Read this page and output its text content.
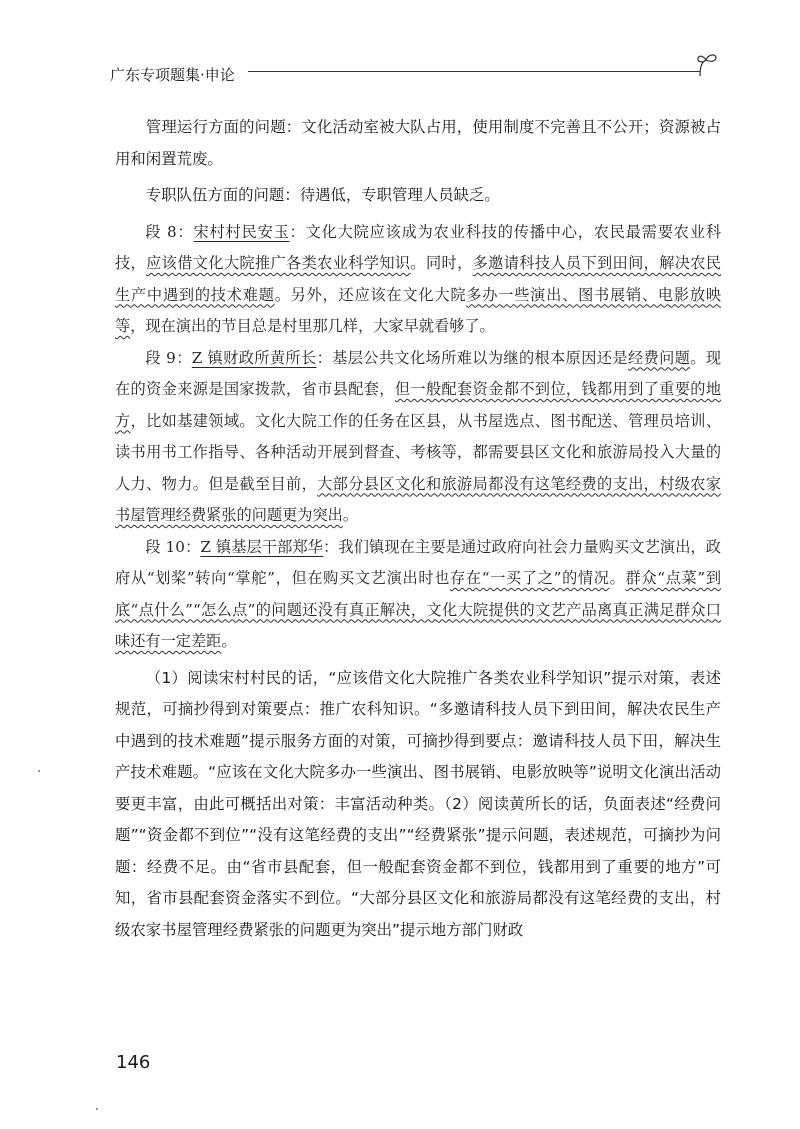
广东专项题集·申论

管理运行方面的问题：文化活动室被大队占用，使用制度不完善且不公开；资源被占用和闲置荒废。

专职队伍方面的问题：待遇低，专职管理人员缺乏。

段 8：宋村村民安玉：文化大院应该成为农业科技的传播中心，农民最需要农业科技，应该借文化大院推广各类农业科学知识。同时，多邀请科技人员下到田间，解决农民生产中遇到的技术难题。另外，还应该在文化大院多办一些演出、图书展销、电影放映等，现在演出的节目总是村里那几样，大家早就看够了。

段 9：Z 镇财政所黄所长：基层公共文化场所难以为继的根本原因还是经费问题。现在的资金来源是国家拨款，省市县配套，但一般配套资金都不到位，钱都用到了重要的地方，比如基建领域。文化大院工作的任务在区县，从书屋选点、图书配送、管理员培训、读书用书工作指导、各种活动开展到督查、考核等，都需要县区文化和旅游局投入大量的人力、物力。但是截至目前，大部分县区文化和旅游局都没有这笔经费的支出，村级农家书屋管理经费紧张的问题更为突出。

段 10：Z 镇基层干部郑华：我们镇现在主要是通过政府向社会力量购买文艺演出，政府从“划桨”转向“掌舵”，但在购买文艺演出时也存在“一买了之”的情况。群众“点菜”到底“点什么”“怎么点”的问题还没有真正解决，文化大院提供的文艺产品离真正满足群众口味还有一定差距。

（1）阅读宋村村民的话，“应该借文化大院推广各类农业科学知识”提示对策，表述规范，可摘抄得到对策要点：推广农科知识。“多邀请科技人员下到田间，解决农民生产中遇到的技术难题”提示服务方面的对策，可摘抄得到要点：邀请科技人员下田，解决生产技术难题。“应该在文化大院多办一些演出、图书展销、电影放映等”说明文化演出活动要更丰富，由此可概括出对策：丰富活动种类。（2）阅读黄所长的话，负面表述“经费问题”“资金都不到位”“没有这笔经费的支出”“经费紧张”提示问题，表述规范，可摘抄为问题：经费不足。由“省市县配套，但一般配套资金都不到位，钱都用到了重要的地方”可知，省市县配套资金落实不到位。“大部分县区文化和旅游局都没有这笔经费的支出，村级农家书屋管理经费紧张的问题更为突出”提示地方部门财政

146
